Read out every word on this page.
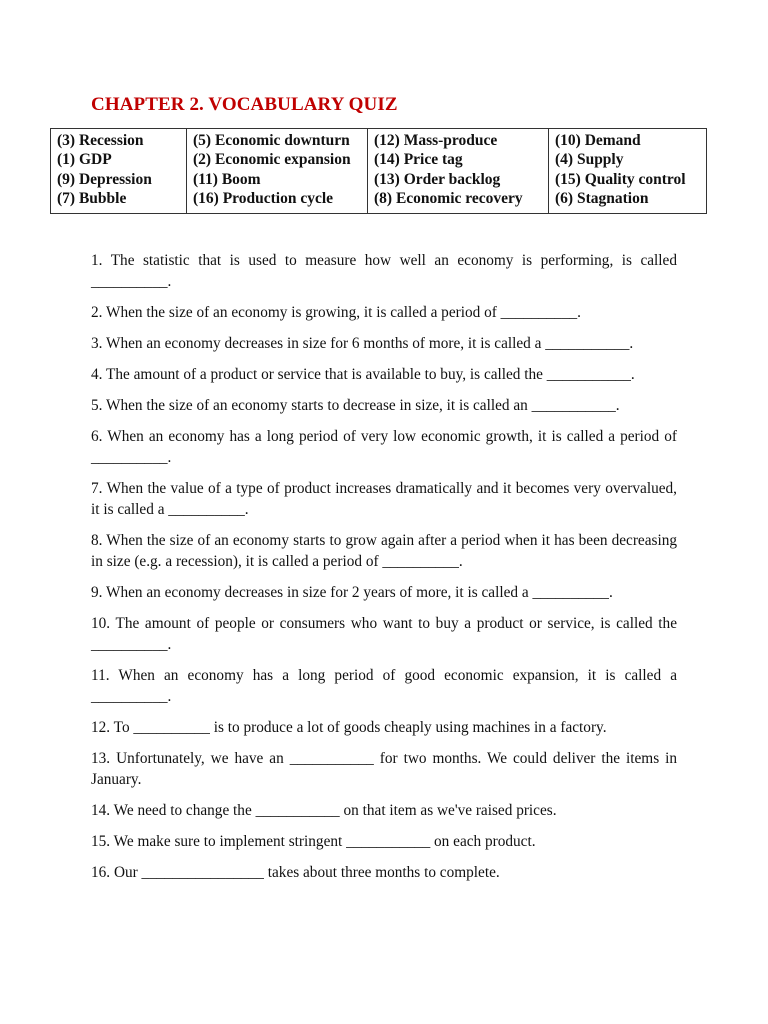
CHAPTER 2. VOCABULARY QUIZ
(3) Recession
(1) GDP
(9) Depression
(7) Bubble

(5) Economic downturn
(2) Economic expansion
(11) Boom
(16) Production cycle

(12) Mass-produce
(14) Price tag
(13) Order backlog
(8) Economic recovery

(10) Demand
(4) Supply
(15) Quality control
(6) Stagnation

1. The statistic that is used to measure how well an economy is performing, is called __________.

2. When the size of an economy is growing, it is called a period of __________.

3. When an economy decreases in size for 6 months of more, it is called a ___________.

4. The amount of a product or service that is available to buy, is called the ___________.

5. When the size of an economy starts to decrease in size, it is called an ___________.

6. When an economy has a long period of very low economic growth, it is called a period of __________.

7. When the value of a type of product increases dramatically and it becomes very overvalued, it is called a __________.

8. When the size of an economy starts to grow again after a period when it has been decreasing in size (e.g. a recession), it is called a period of __________.

9. When an economy decreases in size for 2 years of more, it is called a __________.

10. The amount of people or consumers who want to buy a product or service, is called the __________.

11. When an economy has a long period of good economic expansion, it is called a __________.

12. To __________ is to produce a lot of goods cheaply using machines in a factory.

13. Unfortunately, we have an ___________ for two months. We could deliver the items in January.

14. We need to change the ___________ on that item as we've raised prices.

15. We make sure to implement stringent ___________ on each product.

16. Our ________________ takes about three months to complete.
